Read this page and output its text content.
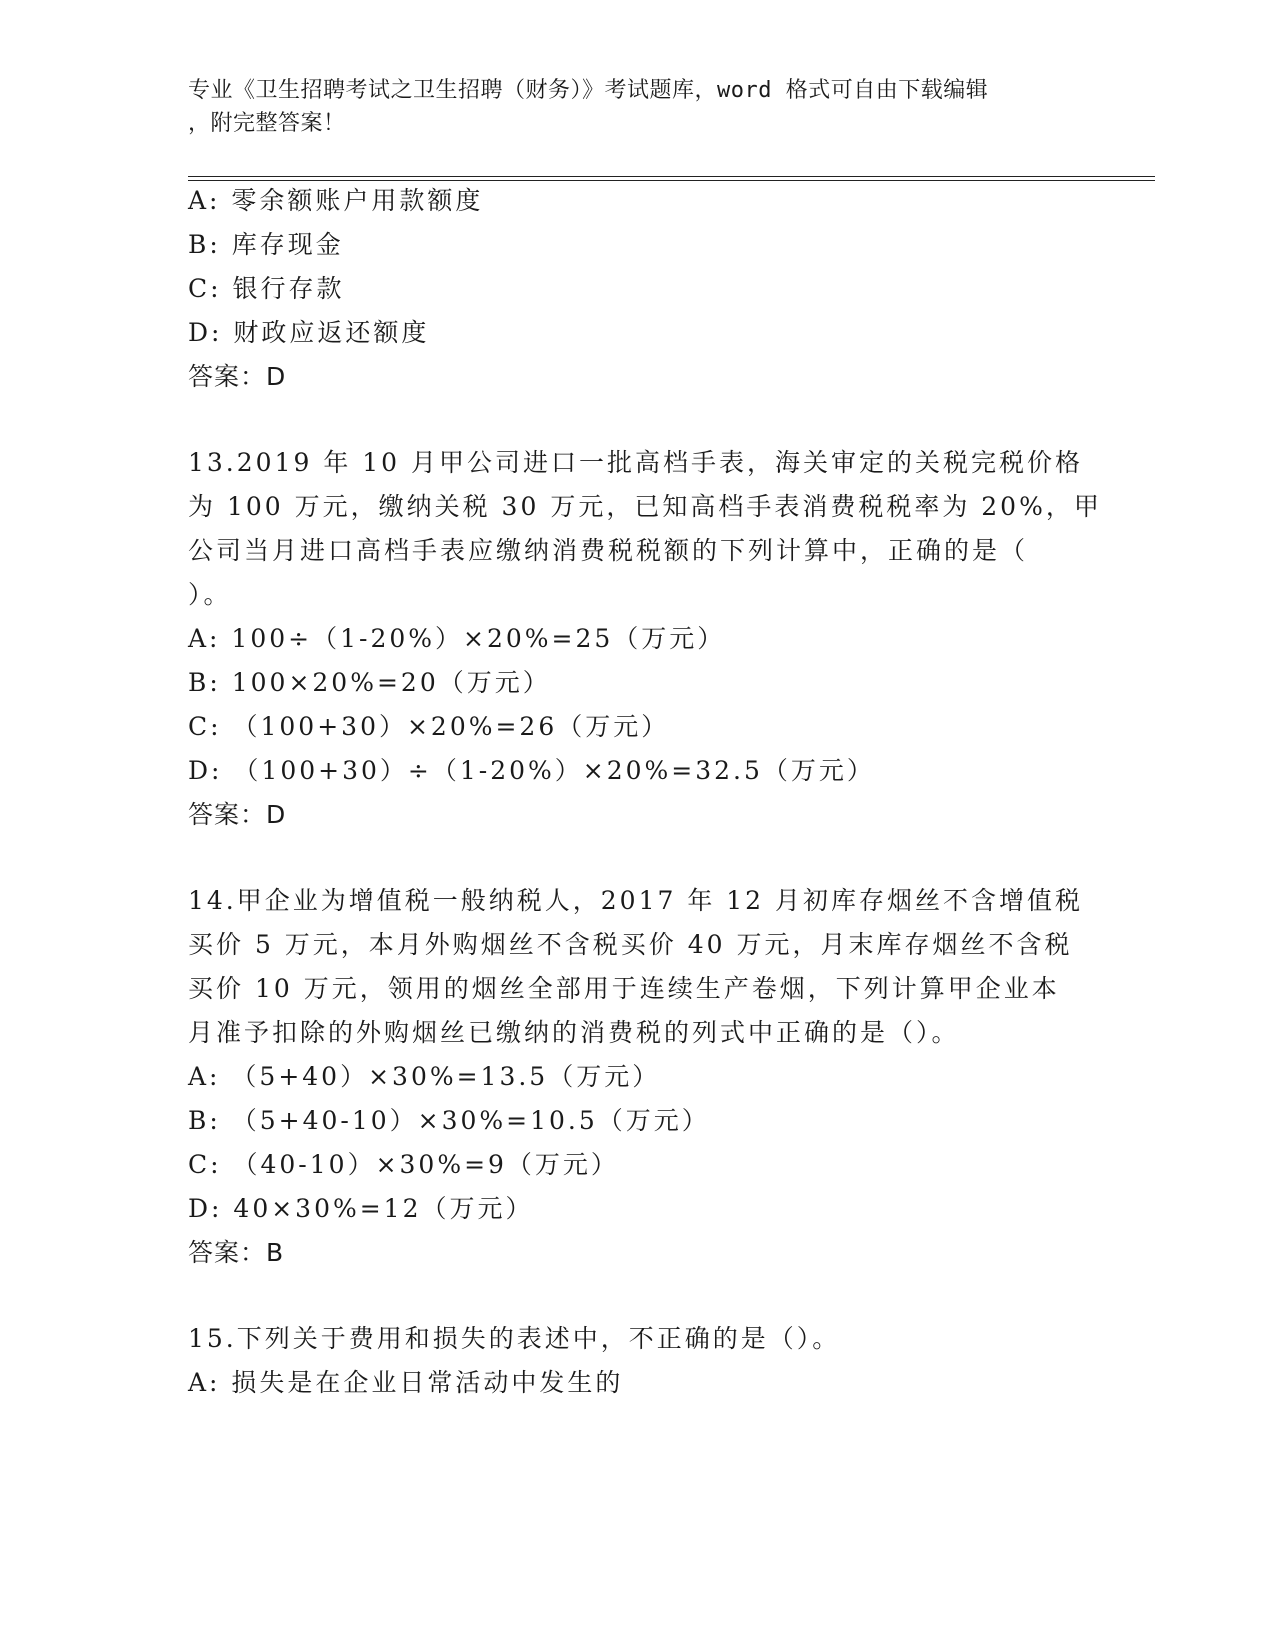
专业《卫生招聘考试之卫生招聘（财务）》考试题库，word 格式可自由下载编辑
，附完整答案！
A: 零余额账户用款额度
B: 库存现金
C: 银行存款
D: 财政应返还额度
答案：D
13.2019 年 10 月甲公司进口一批高档手表，海关审定的关税完税价格
为 100 万元，缴纳关税 30 万元，已知高档手表消费税税率为 20%，甲
公司当月进口高档手表应缴纳消费税税额的下列计算中，正确的是（
）。
A: 100÷（1-20%）×20%=25（万元）
B: 100×20%=20（万元）
C: （100+30）×20%=26（万元）
D: （100+30）÷（1-20%）×20%=32.5（万元）
答案：D
14.甲企业为增值税一般纳税人，2017 年 12 月初库存烟丝不含增值税
买价 5 万元，本月外购烟丝不含税买价 40 万元，月末库存烟丝不含税
买价 10 万元，领用的烟丝全部用于连续生产卷烟，下列计算甲企业本
月准予扣除的外购烟丝已缴纳的消费税的列式中正确的是（）。
A: （5+40）×30%=13.5（万元）
B: （5+40-10）×30%=10.5（万元）
C: （40-10）×30%=9（万元）
D: 40×30%=12（万元）
答案：B
15.下列关于费用和损失的表述中，不正确的是（）。
A: 损失是在企业日常活动中发生的
